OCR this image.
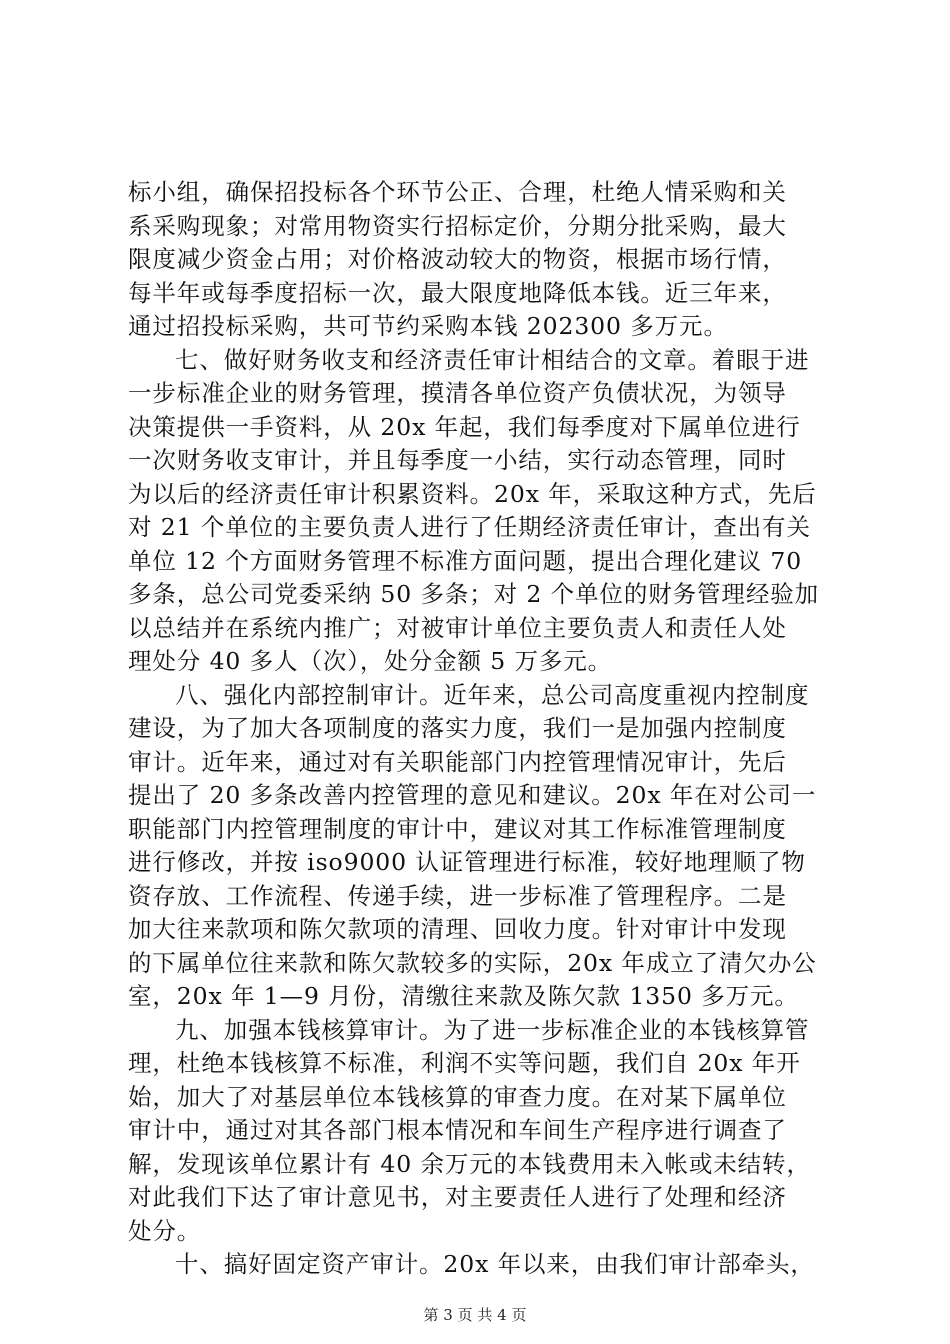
标小组，确保招投标各个环节公正、合理，杜绝人情采购和关
系采购现象；对常用物资实行招标定价，分期分批采购，最大
限度减少资金占用；对价格波动较大的物资，根据市场行情，
每半年或每季度招标一次，最大限度地降低本钱。近三年来，
通过招投标采购，共可节约采购本钱 202300 多万元。
七、做好财务收支和经济责任审计相结合的文章。着眼于进
一步标准企业的财务管理，摸清各单位资产负债状况，为领导
决策提供一手资料，从 20x 年起，我们每季度对下属单位进行
一次财务收支审计，并且每季度一小结，实行动态管理，同时
为以后的经济责任审计积累资料。20x 年，采取这种方式，先后
对 21 个单位的主要负责人进行了任期经济责任审计，查出有关
单位 12 个方面财务管理不标准方面问题，提出合理化建议 70
多条，总公司党委采纳 50 多条；对 2 个单位的财务管理经验加
以总结并在系统内推广；对被审计单位主要负责人和责任人处
理处分 40 多人（次），处分金额 5 万多元。
八、强化内部控制审计。近年来，总公司高度重视内控制度
建设，为了加大各项制度的落实力度，我们一是加强内控制度
审计。近年来，通过对有关职能部门内控管理情况审计，先后
提出了 20 多条改善内控管理的意见和建议。20x 年在对公司一
职能部门内控管理制度的审计中，建议对其工作标准管理制度
进行修改，并按 iso9000 认证管理进行标准，较好地理顺了物
资存放、工作流程、传递手续，进一步标准了管理程序。二是
加大往来款项和陈欠款项的清理、回收力度。针对审计中发现
的下属单位往来款和陈欠款较多的实际，20x 年成立了清欠办公
室，20x 年 1—9 月份，清缴往来款及陈欠款 1350 多万元。
九、加强本钱核算审计。为了进一步标准企业的本钱核算管
理，杜绝本钱核算不标准，利润不实等问题，我们自 20x 年开
始，加大了对基层单位本钱核算的审查力度。在对某下属单位
审计中，通过对其各部门根本情况和车间生产程序进行调查了
解，发现该单位累计有 40 余万元的本钱费用未入帐或未结转，
对此我们下达了审计意见书，对主要责任人进行了处理和经济
处分。
十、搞好固定资产审计。20x 年以来，由我们审计部牵头，
第 3 页 共 4 页
